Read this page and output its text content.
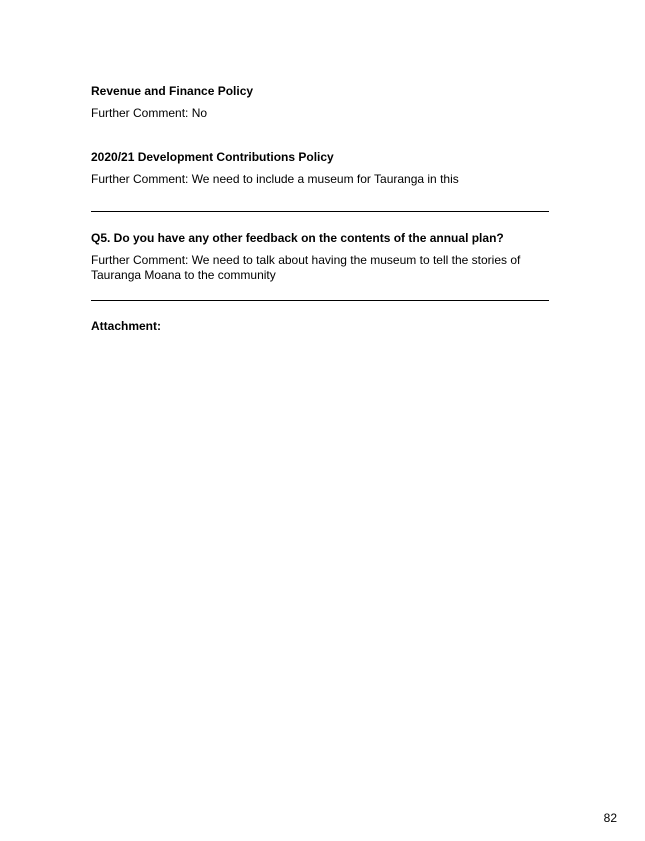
Revenue and Finance Policy
Further Comment: No
2020/21 Development Contributions Policy
Further Comment: We need to include a museum for Tauranga in this
Q5. Do you have any other feedback on the contents of the annual plan?
Further Comment: We need to talk about having the museum to tell the stories of Tauranga Moana to the community
Attachment:
82
